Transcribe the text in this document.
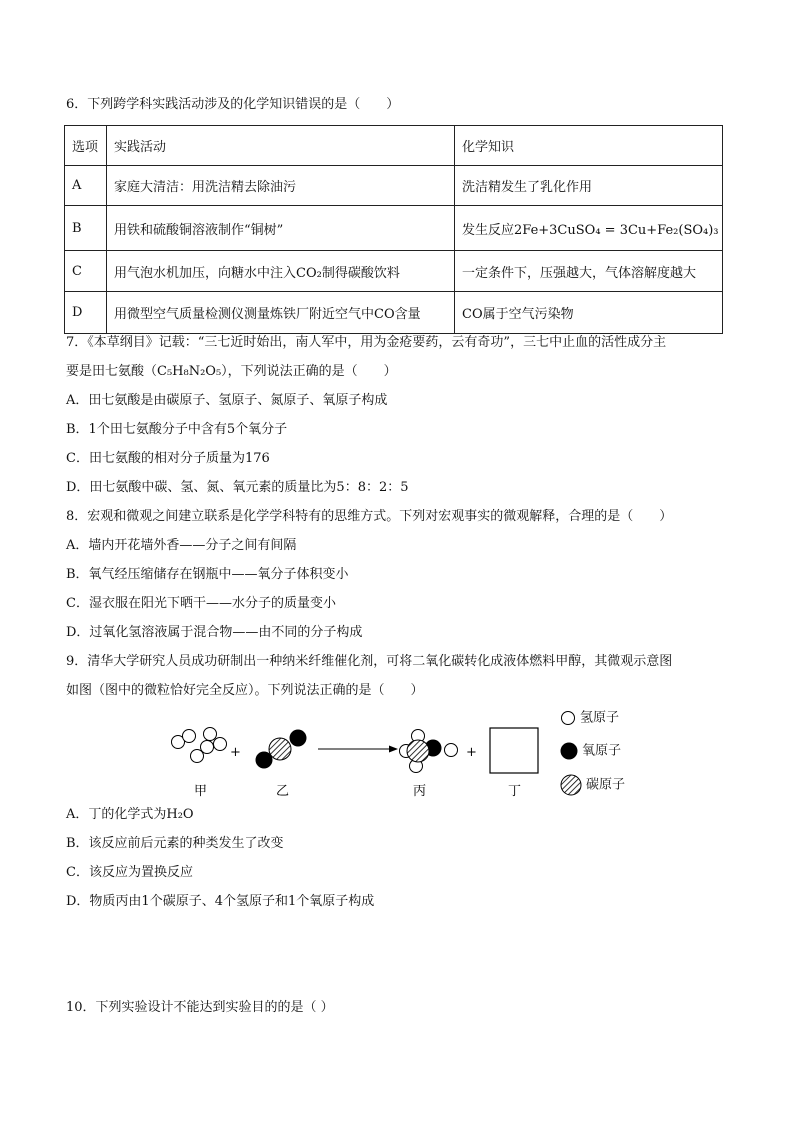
6．下列跨学科实践活动涉及的化学知识错误的是（　　）
选项	实践活动	化学知识
A	家庭大清洁：用洗洁精去除油污	洗洁精发生了乳化作用
B	用铁和硫酸铜溶液制作“铜树”	发生反应2Fe+3CuSO₄ = 3Cu+Fe₂(SO₄)₃
C	用气泡水机加压，向糖水中注入CO₂制得碳酸饮料	一定条件下，压强越大，气体溶解度越大
D	用微型空气质量检测仪测量炼铁厂附近空气中CO含量	CO属于空气污染物
7．《本草纲目》记载：“三七近时始出，南人军中，用为金疮要药，云有奇功”，三七中止血的活性成分主
要是田七氨酸（C₅H₈N₂O₅），下列说法正确的是（　　）
A．田七氨酸是由碳原子、氢原子、氮原子、氧原子构成
B．1个田七氨酸分子中含有5个氧分子
C．田七氨酸的相对分子质量为176
D．田七氨酸中碳、氢、氮、氧元素的质量比为5：8：2：5
8．宏观和微观之间建立联系是化学学科特有的思维方式。下列对宏观事实的微观解释，合理的是（　　）
A．墙内开花墙外香——分子之间有间隔
B．氧气经压缩储存在钢瓶中——氧分子体积变小
C．湿衣服在阳光下晒干——水分子的质量变小
D．过氧化氢溶液属于混合物——由不同的分子构成
9．清华大学研究人员成功研制出一种纳米纤维催化剂，可将二氧化碳转化成液体燃料甲醇，其微观示意图
如图（图中的微粒恰好完全反应）。下列说法正确的是（　　）
+	+
甲	乙	丙	丁
氢原子
氧原子
碳原子
A．丁的化学式为H₂O
B．该反应前后元素的种类发生了改变
C．该反应为置换反应
D．物质丙由1个碳原子、4个氢原子和1个氧原子构成
10．下列实验设计不能达到实验目的的是（ ）
